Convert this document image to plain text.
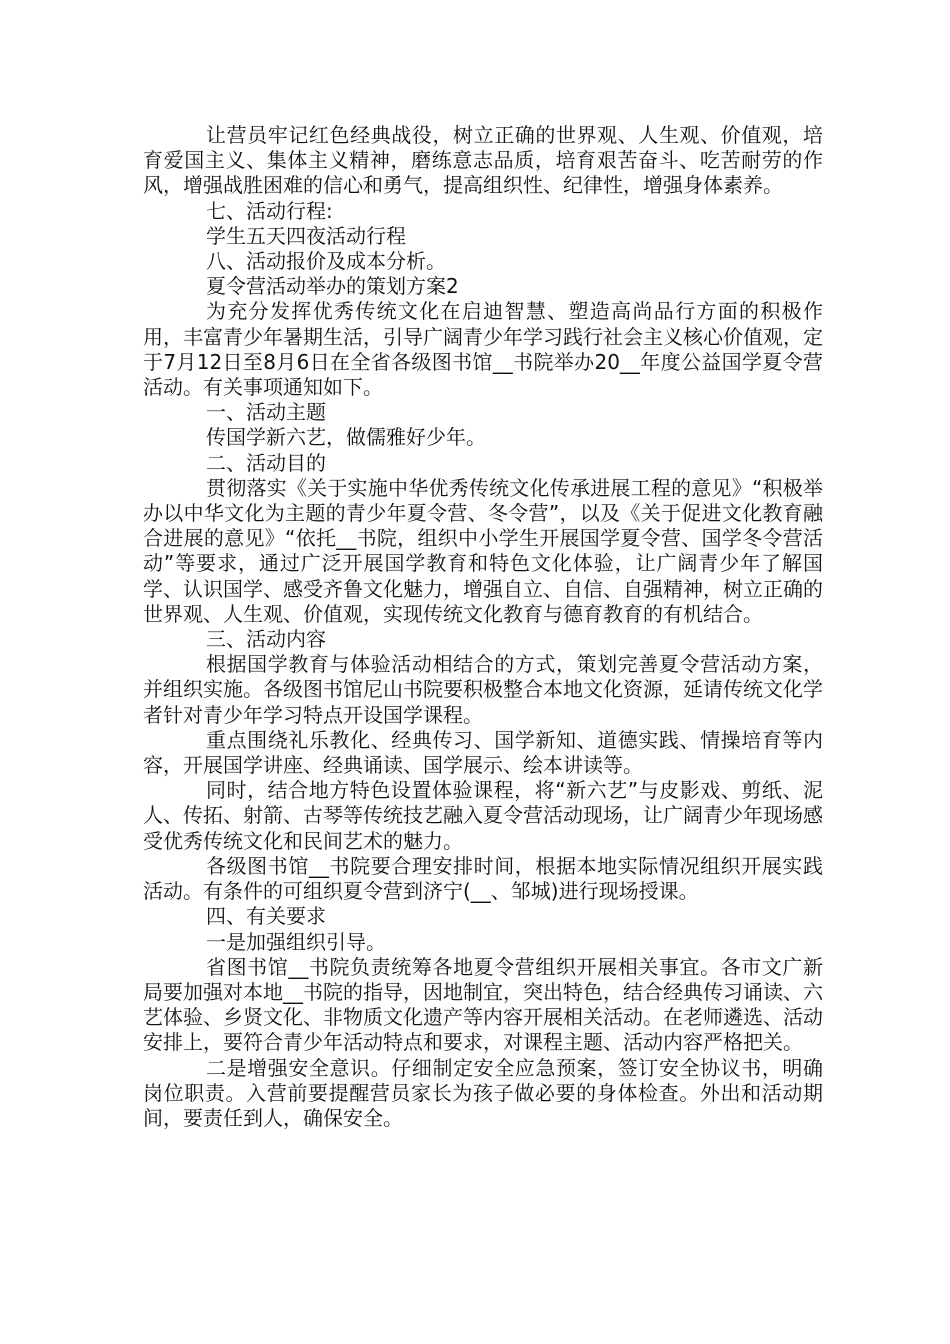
让营员牢记红色经典战役，树立正确的世界观、人生观、价值观，培育爱国主义、集体主义精神，磨练意志品质，培育艰苦奋斗、吃苦耐劳的作风，增强战胜困难的信心和勇气，提高组织性、纪律性，增强身体素养。

七、活动行程:

学生五天四夜活动行程

八、活动报价及成本分析。

夏令营活动举办的策划方案2

为充分发挥优秀传统文化在启迪智慧、塑造高尚品行方面的积极作用，丰富青少年暑期生活，引导广阔青少年学习践行社会主义核心价值观，定于7月12日至8月6日在全省各级图书馆__书院举办20__年度公益国学夏令营活动。有关事项通知如下。

一、活动主题

传国学新六艺，做儒雅好少年。

二、活动目的

贯彻落实《关于实施中华优秀传统文化传承进展工程的意见》“积极举办以中华文化为主题的青少年夏令营、冬令营”，以及《关于促进文化教育融合进展的意见》“依托__书院，组织中小学生开展国学夏令营、国学冬令营活动”等要求，通过广泛开展国学教育和特色文化体验，让广阔青少年了解国学、认识国学、感受齐鲁文化魅力，增强自立、自信、自强精神，树立正确的世界观、人生观、价值观，实现传统文化教育与德育教育的有机结合。

三、活动内容

根据国学教育与体验活动相结合的方式，策划完善夏令营活动方案，并组织实施。各级图书馆尼山书院要积极整合本地文化资源，延请传统文化学者针对青少年学习特点开设国学课程。

重点围绕礼乐教化、经典传习、国学新知、道德实践、情操培育等内容，开展国学讲座、经典诵读、国学展示、绘本讲读等。

同时，结合地方特色设置体验课程，将“新六艺”与皮影戏、剪纸、泥人、传拓、射箭、古琴等传统技艺融入夏令营活动现场，让广阔青少年现场感受优秀传统文化和民间艺术的魅力。

各级图书馆__书院要合理安排时间，根据本地实际情况组织开展实践活动。有条件的可组织夏令营到济宁(__、邹城)进行现场授课。

四、有关要求

一是加强组织引导。

省图书馆__书院负责统筹各地夏令营组织开展相关事宜。各市文广新局要加强对本地__书院的指导，因地制宜，突出特色，结合经典传习诵读、六艺体验、乡贤文化、非物质文化遗产等内容开展相关活动。在老师遴选、活动安排上，要符合青少年活动特点和要求，对课程主题、活动内容严格把关。

二是增强安全意识。仔细制定安全应急预案，签订安全协议书，明确岗位职责。入营前要提醒营员家长为孩子做必要的身体检查。外出和活动期间，要责任到人，确保安全。
